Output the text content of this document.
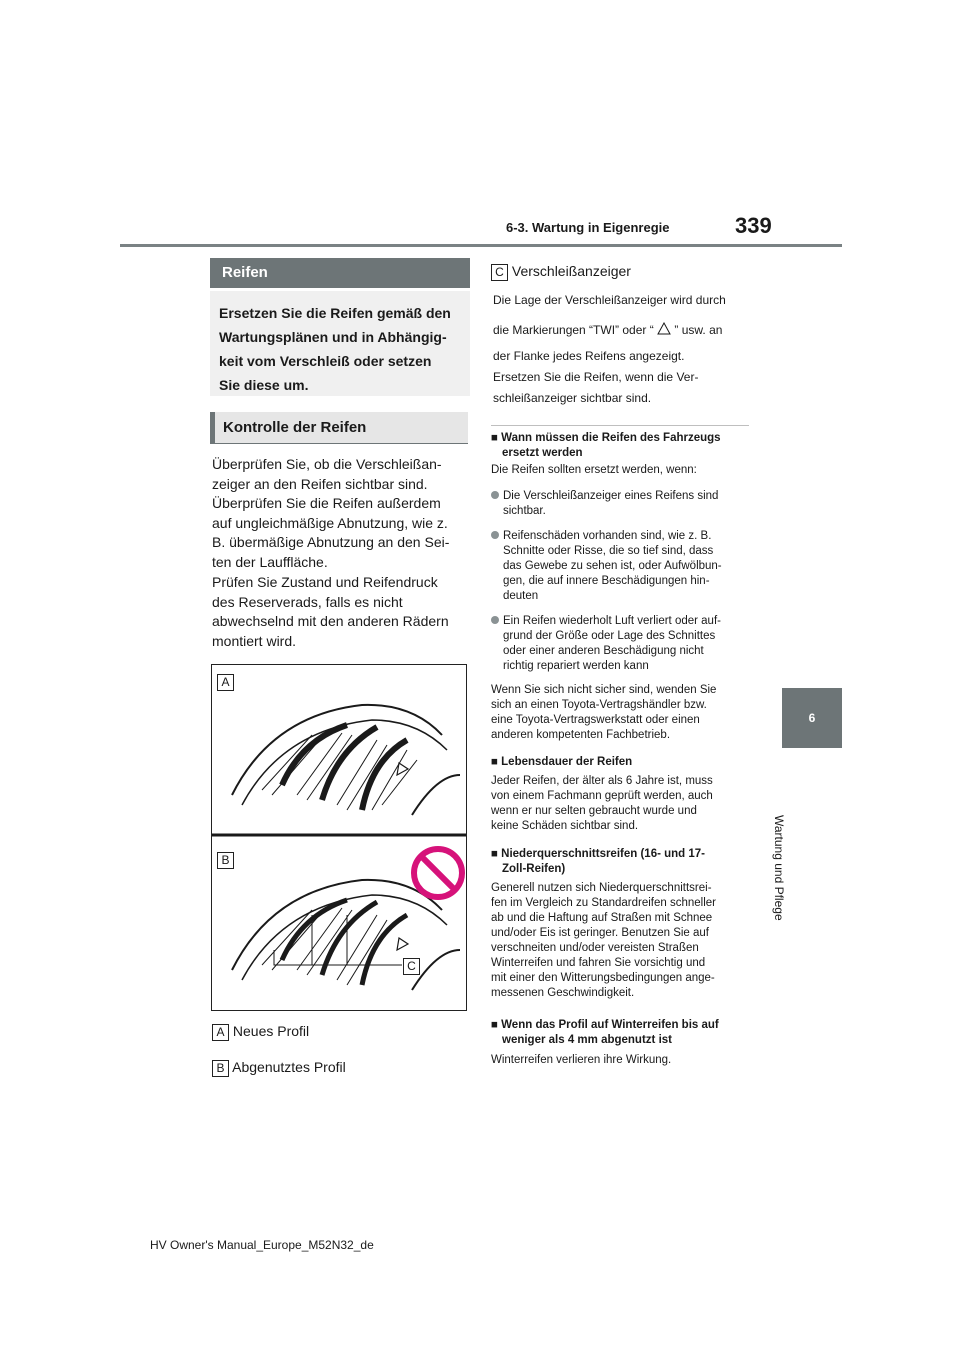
6-3. Wartung in Eigenregie	339
6
Wartung und Pflege
Reifen
Ersetzen Sie die Reifen gemäß den
Wartungsplänen und in Abhängig-
keit vom Verschleiß oder setzen
Sie diese um.
Kontrolle der Reifen
Überprüfen Sie, ob die Verschleißan-
zeiger an den Reifen sichtbar sind.
Überprüfen Sie die Reifen außerdem
auf ungleichmäßige Abnutzung, wie z.
B. übermäßige Abnutzung an den Sei-
ten der Lauffläche.
Prüfen Sie Zustand und Reifendruck
des Reserverads, falls es nicht
abwechselnd mit den anderen Rädern
montiert wird.
A
B
C
A Neues Profil
B Abgenutztes Profil
C Verschleißanzeiger
Die Lage der Verschleißanzeiger wird durch
die Markierungen “TWI” oder “ ” usw. an
der Flanke jedes Reifens angezeigt.
Ersetzen Sie die Reifen, wenn die Ver-
schleißanzeiger sichtbar sind.
■ Wann müssen die Reifen des Fahrzeugs
ersetzt werden
Die Reifen sollten ersetzt werden, wenn:
Die Verschleißanzeiger eines Reifens sind
sichtbar.
Reifenschäden vorhanden sind, wie z. B.
Schnitte oder Risse, die so tief sind, dass
das Gewebe zu sehen ist, oder Aufwölbun-
gen, die auf innere Beschädigungen hin-
deuten
Ein Reifen wiederholt Luft verliert oder auf-
grund der Größe oder Lage des Schnittes
oder einer anderen Beschädigung nicht
richtig repariert werden kann
Wenn Sie sich nicht sicher sind, wenden Sie
sich an einen Toyota-Vertragshändler bzw.
eine Toyota-Vertragswerkstatt oder einen
anderen kompetenten Fachbetrieb.
■ Lebensdauer der Reifen
Jeder Reifen, der älter als 6 Jahre ist, muss
von einem Fachmann geprüft werden, auch
wenn er nur selten gebraucht wurde und
keine Schäden sichtbar sind.
■ Niederquerschnittsreifen (16- und 17-
Zoll-Reifen)
Generell nutzen sich Niederquerschnittsrei-
fen im Vergleich zu Standardreifen schneller
ab und die Haftung auf Straßen mit Schnee
und/oder Eis ist geringer. Benutzen Sie auf
verschneiten und/oder vereisten Straßen
Winterreifen und fahren Sie vorsichtig und
mit einer den Witterungsbedingungen ange-
messenen Geschwindigkeit.
■ Wenn das Profil auf Winterreifen bis auf
weniger als 4 mm abgenutzt ist
Winterreifen verlieren ihre Wirkung.
HV Owner's Manual_Europe_M52N32_de
